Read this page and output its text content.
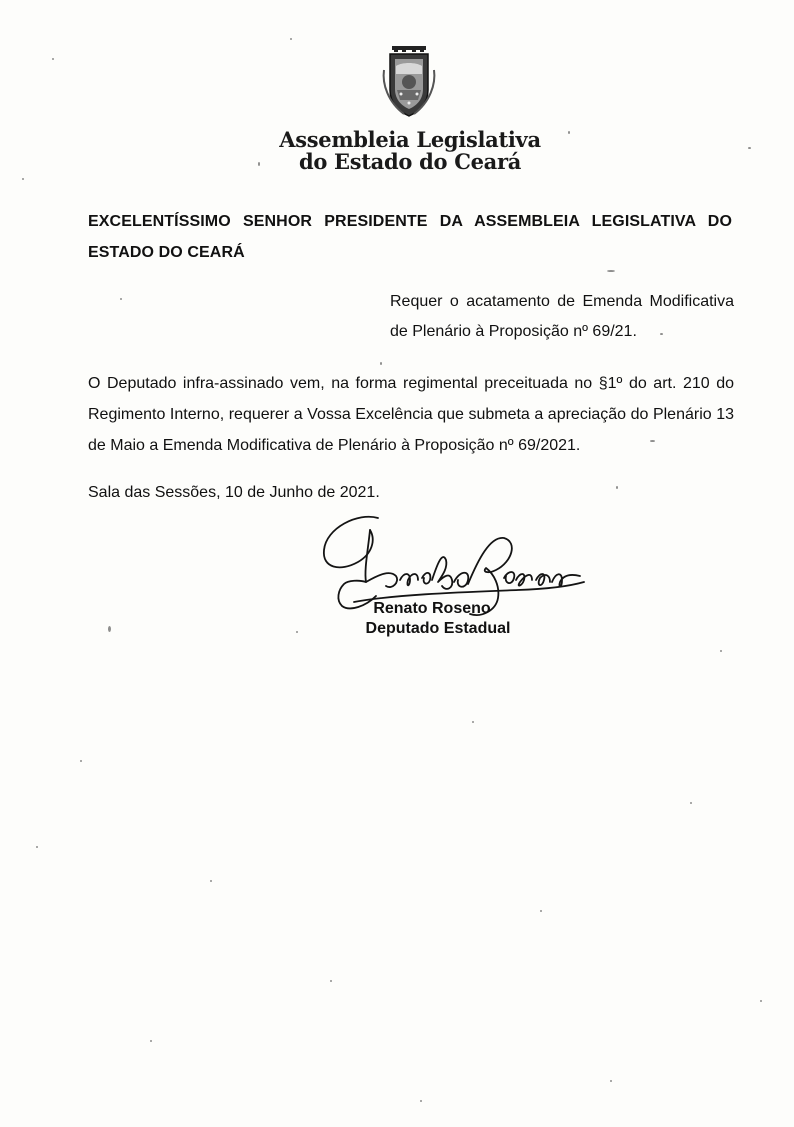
Assembleia Legislativa
do Estado do Ceará

EXCELENTÍSSIMO SENHOR PRESIDENTE DA ASSEMBLEIA LEGISLATIVA DO ESTADO DO CEARÁ

Requer o acatamento de Emenda Modificativa de Plenário à Proposição nº 69/21.

O Deputado infra-assinado vem, na forma regimental preceituada no §1º do art. 210 do Regimento Interno, requerer a Vossa Excelência que submeta a apreciação do Plenário 13 de Maio a Emenda Modificativa de Plenário à Proposição nº 69/2021.

Sala das Sessões, 10 de Junho de 2021.
Renato Roseno
Deputado Estadual
